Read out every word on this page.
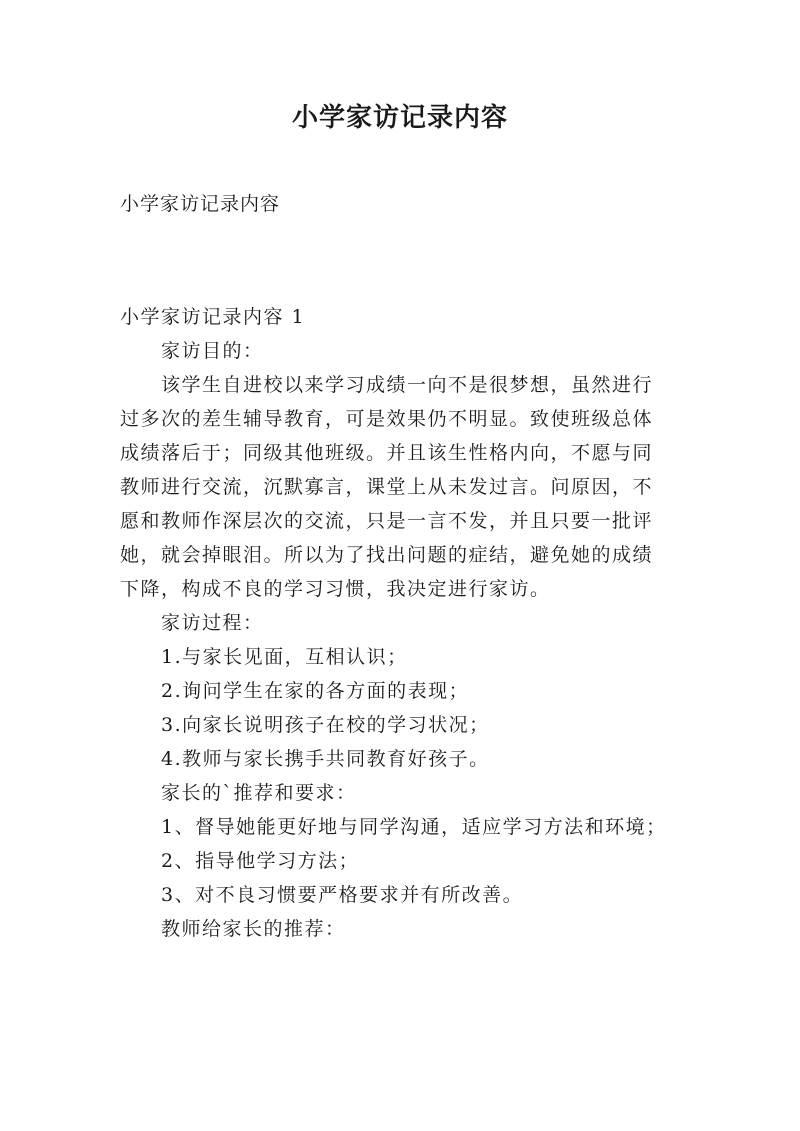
小学家访记录内容

小学家访记录内容

小学家访记录内容 1

家访目的：

该学生自进校以来学习成绩一向不是很梦想，虽然进行

过多次的差生辅导教育，可是效果仍不明显。致使班级总体

成绩落后于；同级其他班级。并且该生性格内向，不愿与同

教师进行交流，沉默寡言，课堂上从未发过言。问原因，不

愿和教师作深层次的交流，只是一言不发，并且只要一批评

她，就会掉眼泪。所以为了找出问题的症结，避免她的成绩

下降，构成不良的学习习惯，我决定进行家访。

家访过程：

1.与家长见面，互相认识；

2.询问学生在家的各方面的表现；

3.向家长说明孩子在校的学习状况；

4.教师与家长携手共同教育好孩子。

家长的`推荐和要求：

1、督导她能更好地与同学沟通，适应学习方法和环境；

2、指导他学习方法；

3、对不良习惯要严格要求并有所改善。

教师给家长的推荐：
